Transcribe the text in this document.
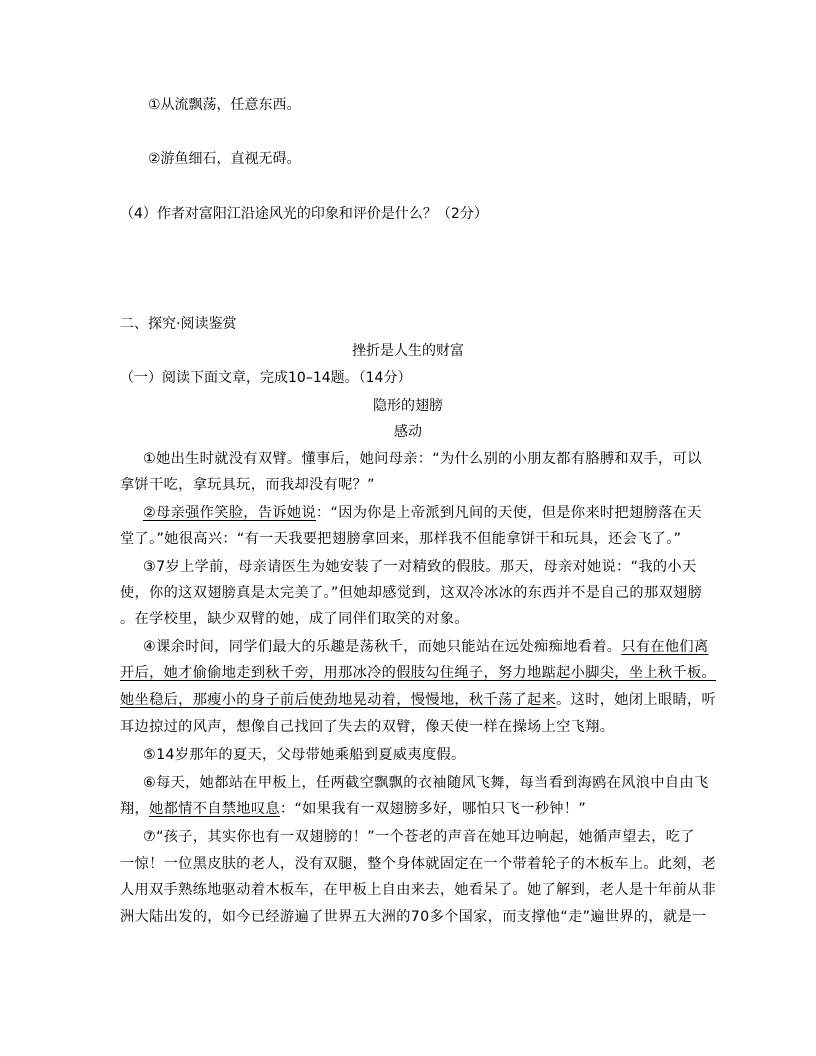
①从流飘荡，任意东西。
②游鱼细石，直视无碍。
（4）作者对富阳江沿途风光的印象和评价是什么？（2分）
二、探究·阅读鉴赏
挫折是人生的财富
（一）阅读下面文章，完成10–14题。（14分）
隐形的翅膀
感动
①她出生时就没有双臂。懂事后，她问母亲：“为什么别的小朋友都有胳膊和双手，可以
拿饼干吃，拿玩具玩，而我却没有呢？”
②母亲强作笑脸，告诉她说：“因为你是上帝派到凡间的天使，但是你来时把翅膀落在天
堂了。”她很高兴：“有一天我要把翅膀拿回来，那样我不但能拿饼干和玩具，还会飞了。”
③7岁上学前，母亲请医生为她安装了一对精致的假肢。那天，母亲对她说：“我的小天
使，你的这双翅膀真是太完美了。”但她却感觉到，这双冷冰冰的东西并不是自己的那双翅膀
。在学校里，缺少双臂的她，成了同伴们取笑的对象。
④课余时间，同学们最大的乐趣是荡秋千，而她只能站在远处痴痴地看着。只有在他们离
开后，她才偷偷地走到秋千旁，用那冰冷的假肢勾住绳子，努力地踮起小脚尖，坐上秋千板。
她坐稳后，那瘦小的身子前后使劲地晃动着，慢慢地，秋千荡了起来。这时，她闭上眼睛，听
耳边掠过的风声，想像自己找回了失去的双臂，像天使一样在操场上空飞翔。
⑤14岁那年的夏天，父母带她乘船到夏威夷度假。
⑥每天，她都站在甲板上，任两截空飘飘的衣袖随风飞舞，每当看到海鸥在风浪中自由飞
翔，她都情不自禁地叹息：“如果我有一双翅膀多好，哪怕只飞一秒钟！”
⑦“孩子，其实你也有一双翅膀的！”一个苍老的声音在她耳边响起，她循声望去，吃了
一惊！一位黑皮肤的老人，没有双腿，整个身体就固定在一个带着轮子的木板车上。此刻，老
人用双手熟练地驱动着木板车，在甲板上自由来去，她看呆了。她了解到，老人是十年前从非
洲大陆出发的，如今已经游遍了世界五大洲的70多个国家，而支撑他“走”遍世界的，就是一
